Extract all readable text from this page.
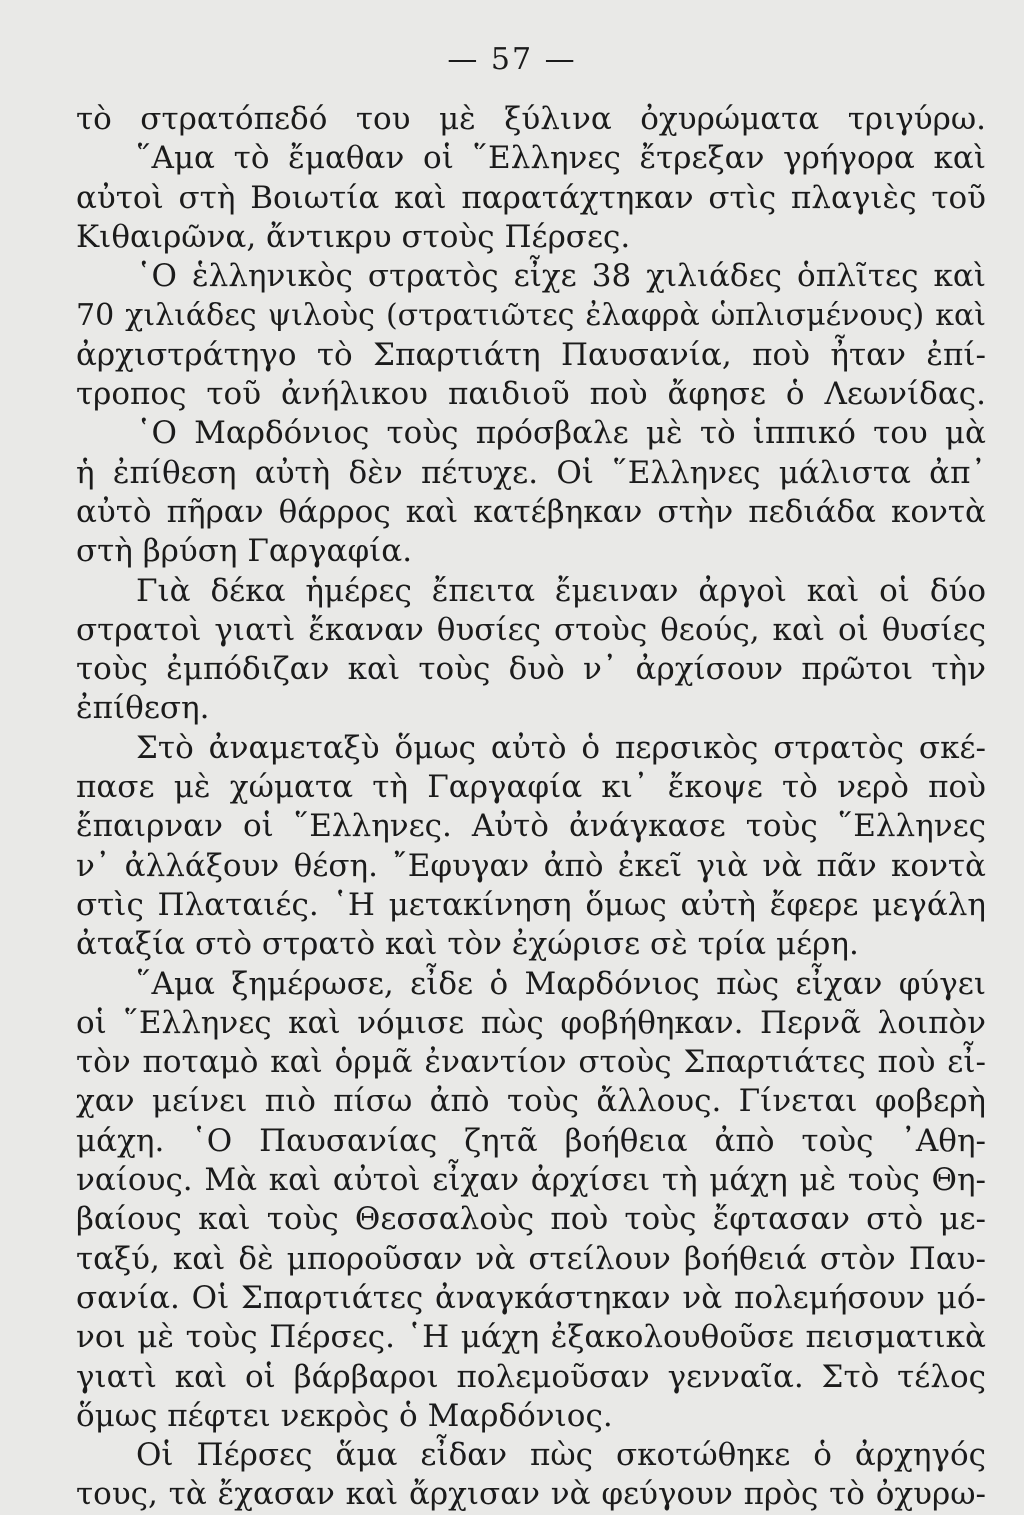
— 57 —
τὸ στρατόπεδό του μὲ ξύλινα ὀχυρώματα τριγύρω.
῞Αμα τὸ ἔμαθαν οἱ ῞Ελληνες ἔτρεξαν γρήγορα καὶ
αὐτοὶ στὴ Βοιωτία καὶ παρατάχτηκαν στὶς πλαγιὲς τοῦ
Κιθαιρῶνα, ἄντικρυ στοὺς Πέρσες.
῾Ο ἑλληνικὸς στρατὸς εἶχε 38 χιλιάδες ὁπλῖτες καὶ
70 χιλιάδες ψιλοὺς (στρατιῶτες ἐλαφρὰ ὡπλισμένους) καὶ
ἀρχιστράτηγο τὸ Σπαρτιάτη Παυσανία, ποὺ ἦταν ἐπί-
τροπος τοῦ ἀνήλικου παιδιοῦ ποὺ ἄφησε ὁ Λεωνίδας.
῾Ο Μαρδόνιος τοὺς πρόσβαλε μὲ τὸ ἱππικό του μὰ
ἡ ἐπίθεση αὐτὴ δὲν πέτυχε. Οἱ ῞Ελληνες μάλιστα ἀπ᾽
αὐτὸ πῆραν θάρρος καὶ κατέβηκαν στὴν πεδιάδα κοντὰ
στὴ βρύση Γαργαφία.
Γιὰ δέκα ἡμέρες ἔπειτα ἔμειναν ἀργοὶ καὶ οἱ δύο
στρατοὶ γιατὶ ἔκαναν θυσίες στοὺς θεούς, καὶ οἱ θυσίες
τοὺς ἐμπόδιζαν καὶ τοὺς δυὸ ν᾽ ἀρχίσουν πρῶτοι τὴν
ἐπίθεση.
Στὸ ἀναμεταξὺ ὅμως αὐτὸ ὁ περσικὸς στρατὸς σκέ-
πασε μὲ χώματα τὴ Γαργαφία κι᾽ ἔκοψε τὸ νερὸ ποὺ
ἔπαιρναν οἱ ῞Ελληνες. Αὐτὸ ἀνάγκασε τοὺς ῞Ελληνες
ν᾽ ἀλλάξουν θέση. ῎Εφυγαν ἀπὸ ἐκεῖ γιὰ νὰ πᾶν κοντὰ
στὶς Πλαταιές. ῾Η μετακίνηση ὅμως αὐτὴ ἔφερε μεγάλη
ἀταξία στὸ στρατὸ καὶ τὸν ἐχώρισε σὲ τρία μέρη.
῞Αμα ξημέρωσε, εἶδε ὁ Μαρδόνιος πὼς εἶχαν φύγει
οἱ ῞Ελληνες καὶ νόμισε πὼς φοβήθηκαν. Περνᾶ λοιπὸν
τὸν ποταμὸ καὶ ὁρμᾶ ἐναντίον στοὺς Σπαρτιάτες ποὺ εἶ-
χαν μείνει πιὸ πίσω ἀπὸ τοὺς ἄλλους. Γίνεται φοβερὴ
μάχη. ῾Ο Παυσανίας ζητᾶ βοήθεια ἀπὸ τοὺς ᾽Αθη-
ναίους. Μὰ καὶ αὐτοὶ εἶχαν ἀρχίσει τὴ μάχη μὲ τοὺς Θη-
βαίους καὶ τοὺς Θεσσαλοὺς ποὺ τοὺς ἔφτασαν στὸ με-
ταξύ, καὶ δὲ μποροῦσαν νὰ στείλουν βοήθειά στὸν Παυ-
σανία. Οἱ Σπαρτιάτες ἀναγκάστηκαν νὰ πολεμήσουν μό-
νοι μὲ τοὺς Πέρσες. ῾Η μάχη ἐξακολουθοῦσε πεισματικὰ
γιατὶ καὶ οἱ βάρβαροι πολεμοῦσαν γενναῖα. Στὸ τέλος
ὅμως πέφτει νεκρὸς ὁ Μαρδόνιος.
Οἱ Πέρσες ἅμα εἶδαν πὼς σκοτώθηκε ὁ ἀρχηγός
τους, τὰ ἔχασαν καὶ ἄρχισαν νὰ φεύγουν πρὸς τὸ ὀχυρω-
